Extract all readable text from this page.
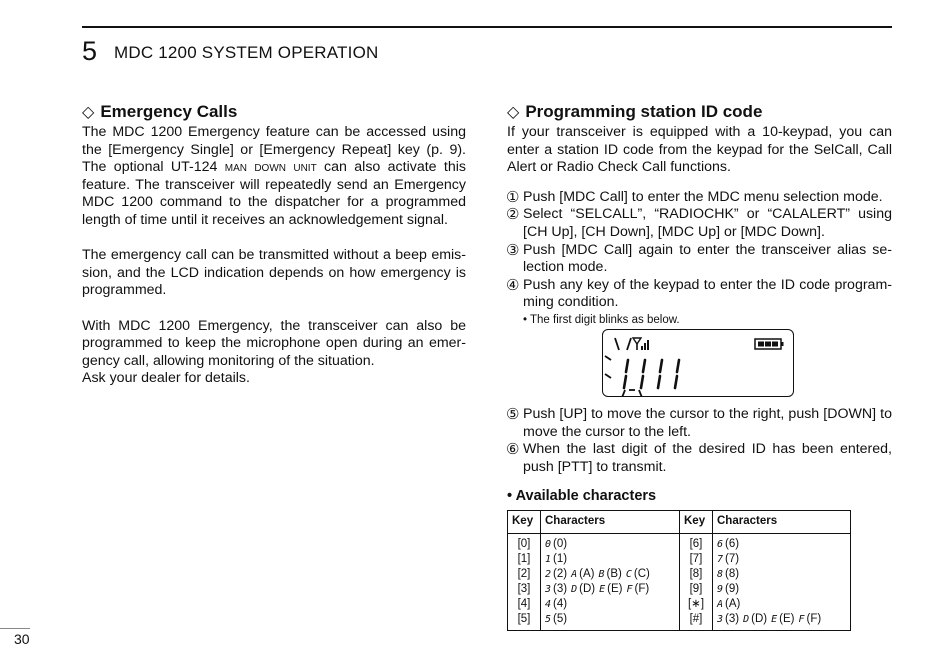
5 MDC 1200 SYSTEM OPERATION
◇ Emergency Calls

The MDC 1200 Emergency feature can be accessed using the [Emergency Single] or [Emergency Repeat] key (p. 9). The optional UT-124 man down unit can also activate this feature. The transceiver will repeatedly send an Emergency MDC 1200 command to the dispatcher for a programmed length of time until it receives an acknowledgement signal.

The emergency call can be transmitted without a beep emis-sion, and the LCD indication depends on how emergency is programmed.

With MDC 1200 Emergency, the transceiver can also be programmed to keep the microphone open during an emer-gency call, allowing monitoring of the situation.

Ask your dealer for details.

◇ Programming station ID code

If your transceiver is equipped with a 10-keypad, you can enter a station ID code from the keypad for the SelCall, Call Alert or Radio Check Call functions.

① Push [MDC Call] to enter the MDC menu selection mode.
② Select “SELCALL”, “RADIOCHK” or “CALALERT” using [CH Up], [CH Down], [MDC Up] or [MDC Down].
③ Push [MDC Call] again to enter the transceiver alias se-lection mode.
④ Push any key of the keypad to enter the ID code program-ming condition.
• The first digit blinks as below.
⑤ Push [UP] to move the cursor to the right, push [DOWN] to move the cursor to the left.
⑥ When the last digit of the desired ID has been entered, push [PTT] to transmit.
• Available characters
Key	Characters	Key	Characters
[0]	0 (0)	[6]	6 (6)
[1]	1 (1)	[7]	7 (7)
[2]	2 (2) A (A) B (B) C (C)	[8]	8 (8)
[3]	3 (3) D (D) E (E) F (F)	[9]	9 (9)
[4]	4 (4)	[∗]	A (A)
[5]	5 (5)	[#]	3 (3) D (D) E (E) F (F)
30
